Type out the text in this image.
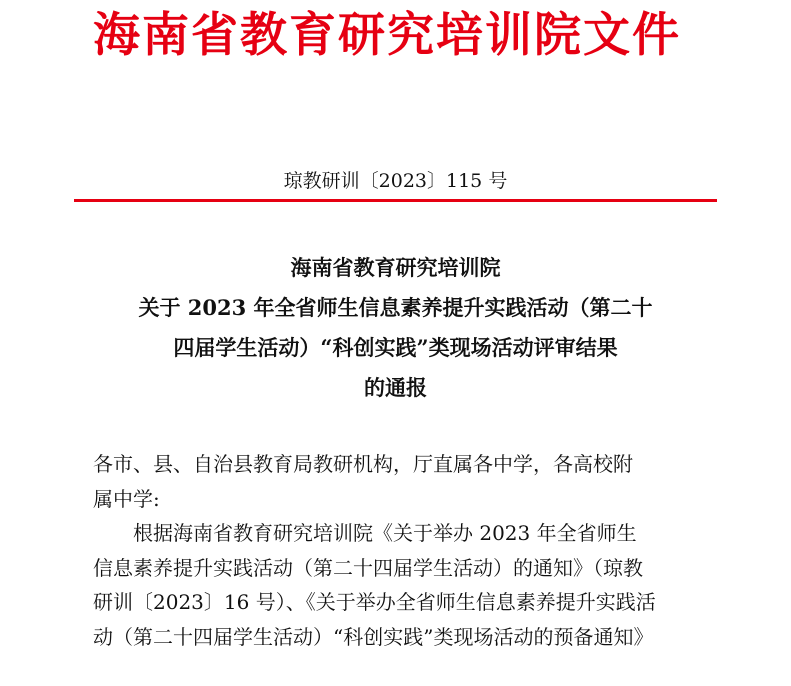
海南省教育研究培训院文件
琼教研训〔2023〕115 号
海南省教育研究培训院
关于 2023 年全省师生信息素养提升实践活动（第二十
四届学生活动）“科创实践”类现场活动评审结果
的通报

各市、县、自治县教育局教研机构，厅直属各中学，各高校附
属中学:

根据海南省教育研究培训院《关于举办 2023 年全省师生
信息素养提升实践活动（第二十四届学生活动）的通知》（琼教
研训〔2023〕16 号）、《关于举办全省师生信息素养提升实践活
动（第二十四届学生活动）“科创实践”类现场活动的预备通知》
